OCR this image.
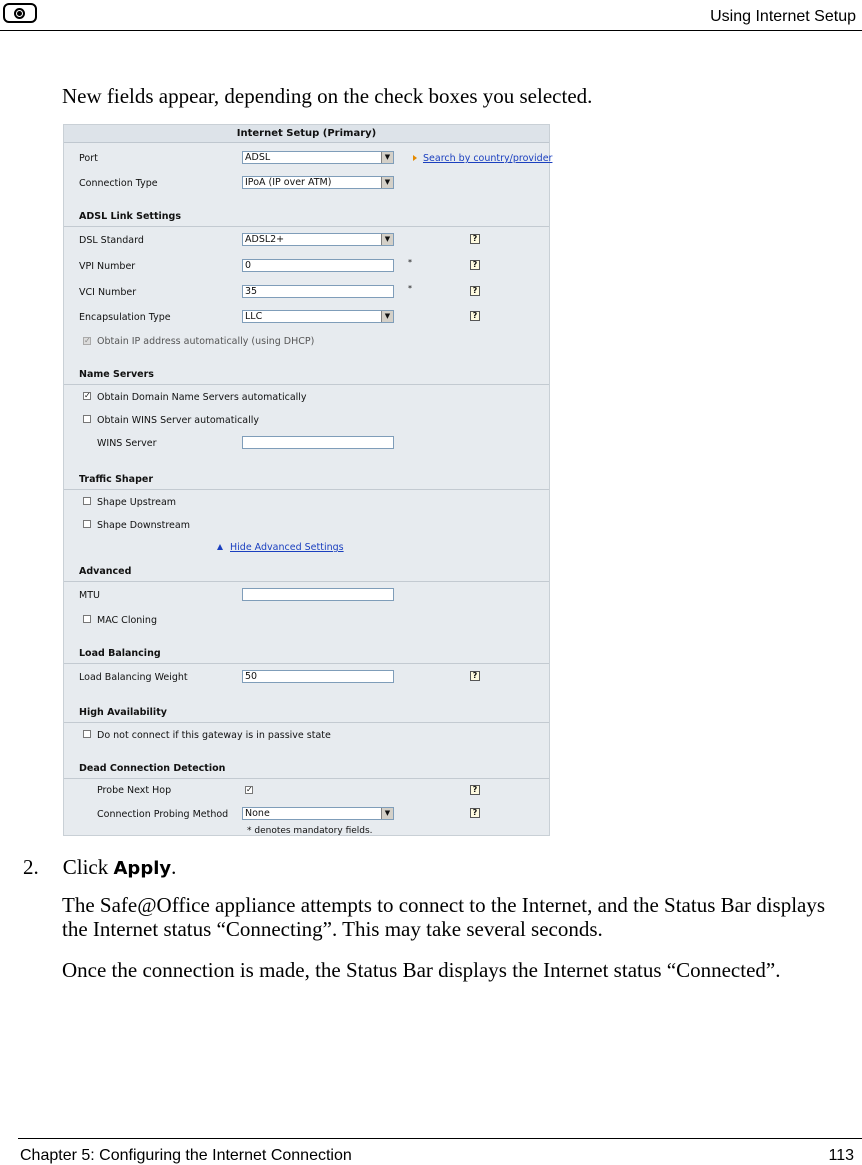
Using Internet Setup
New fields appear, depending on the check boxes you selected.
Internet Setup (Primary)
Port	ADSL	▼	Search by country/provider
Connection Type	IPoA (IP over ATM)	▼
ADSL Link Settings
DSL Standard	ADSL2+	▼	?
VPI Number	0	*	?
VCI Number	35	*	?
Encapsulation Type	LLC	▼	?
✓ Obtain IP address automatically (using DHCP)
Name Servers
✓ Obtain Domain Name Servers automatically
Obtain WINS Server automatically
WINS Server
Traffic Shaper
Shape Upstream
Shape Downstream
Hide Advanced Settings
Advanced
MTU
MAC Cloning
Load Balancing
Load Balancing Weight	50	?
High Availability
Do not connect if this gateway is in passive state
Dead Connection Detection
Probe Next Hop	✓	?
Connection Probing Method	None	▼	?
* denotes mandatory fields.
2. Click Apply.
The Safe@Office appliance attempts to connect to the Internet, and the Status Bar displays the Internet status “Connecting”. This may take several seconds.
Once the connection is made, the Status Bar displays the Internet status “Connected”.
Chapter 5: Configuring the Internet Connection	113
